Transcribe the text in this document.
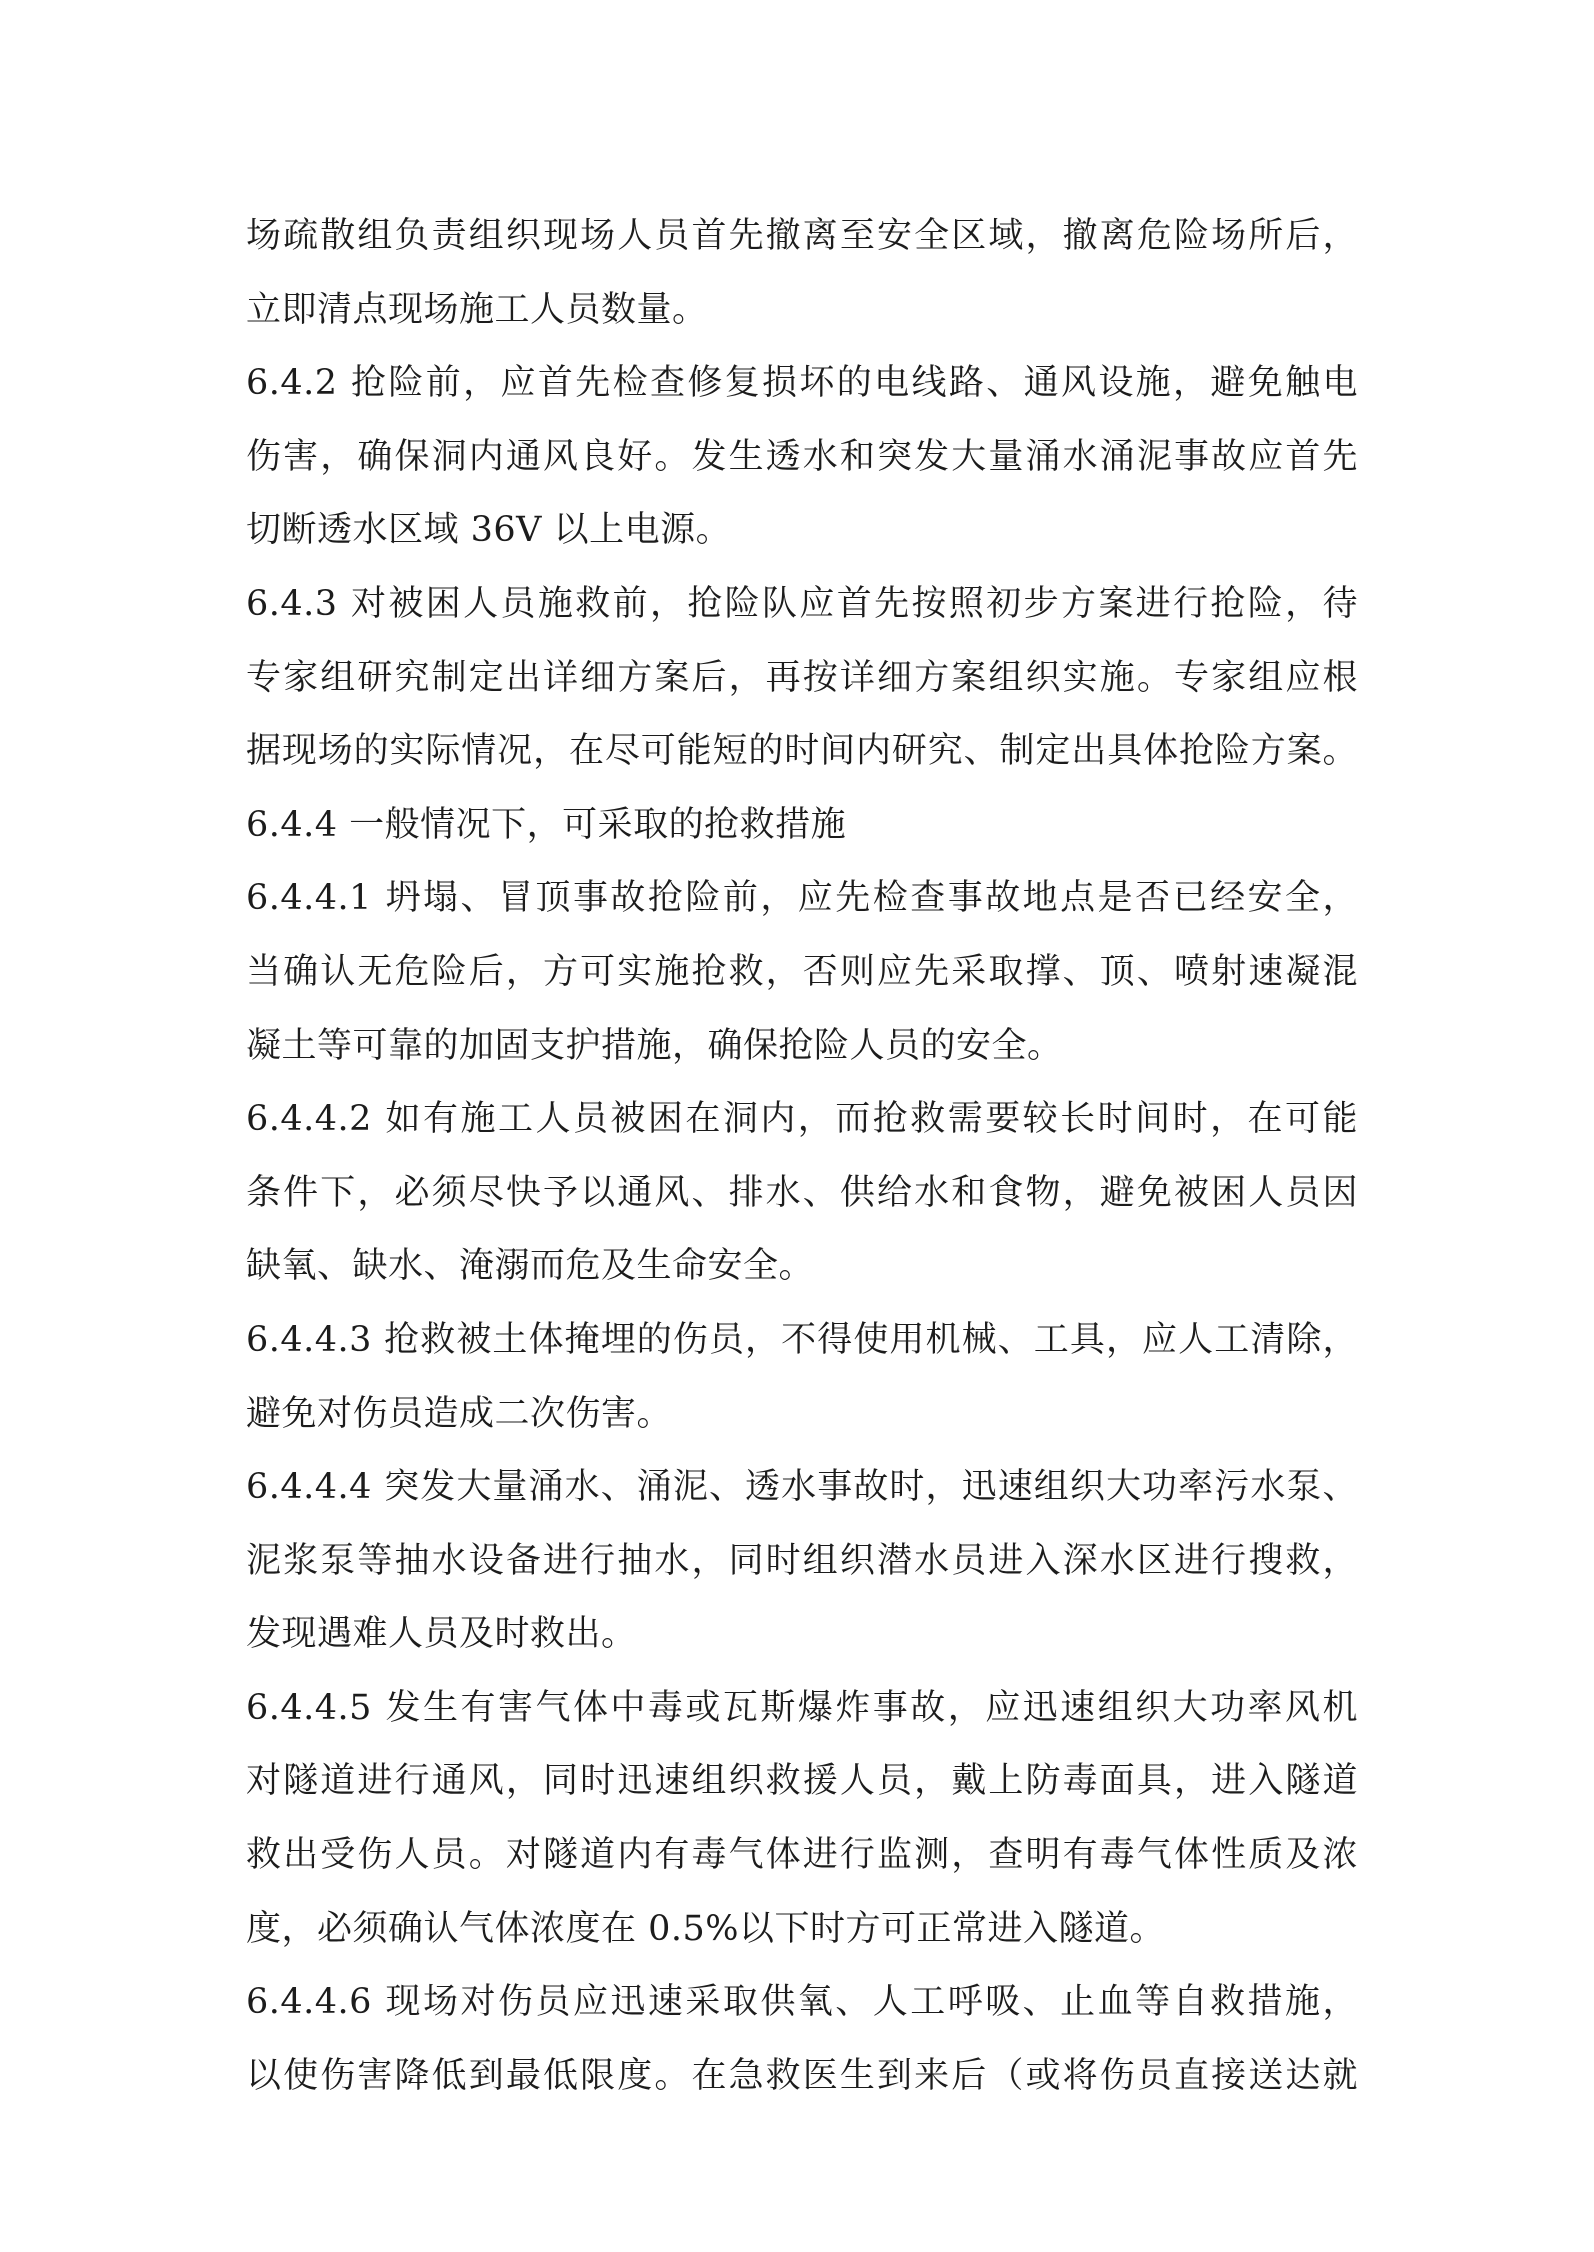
场疏散组负责组织现场人员首先撤离至安全区域，撤离危险场所后，
立即清点现场施工人员数量。
6.4.2 抢险前，应首先检查修复损坏的电线路、通风设施，避免触电
伤害，确保洞内通风良好。发生透水和突发大量涌水涌泥事故应首先
切断透水区域 36V 以上电源。
6.4.3 对被困人员施救前，抢险队应首先按照初步方案进行抢险，待
专家组研究制定出详细方案后，再按详细方案组织实施。专家组应根
据现场的实际情况，在尽可能短的时间内研究、制定出具体抢险方案。
6.4.4 一般情况下，可采取的抢救措施
6.4.4.1 坍塌、冒顶事故抢险前，应先检查事故地点是否已经安全，
当确认无危险后，方可实施抢救，否则应先采取撑、顶、喷射速凝混
凝土等可靠的加固支护措施，确保抢险人员的安全。
6.4.4.2 如有施工人员被困在洞内，而抢救需要较长时间时，在可能
条件下，必须尽快予以通风、排水、供给水和食物，避免被困人员因
缺氧、缺水、淹溺而危及生命安全。
6.4.4.3 抢救被土体掩埋的伤员，不得使用机械、工具，应人工清除，
避免对伤员造成二次伤害。
6.4.4.4 突发大量涌水、涌泥、透水事故时，迅速组织大功率污水泵、
泥浆泵等抽水设备进行抽水，同时组织潜水员进入深水区进行搜救，
发现遇难人员及时救出。
6.4.4.5 发生有害气体中毒或瓦斯爆炸事故，应迅速组织大功率风机
对隧道进行通风，同时迅速组织救援人员，戴上防毒面具，进入隧道
救出受伤人员。对隧道内有毒气体进行监测，查明有毒气体性质及浓
度，必须确认气体浓度在 0.5%以下时方可正常进入隧道。
6.4.4.6 现场对伤员应迅速采取供氧、人工呼吸、止血等自救措施，
以使伤害降低到最低限度。在急救医生到来后（或将伤员直接送达就
